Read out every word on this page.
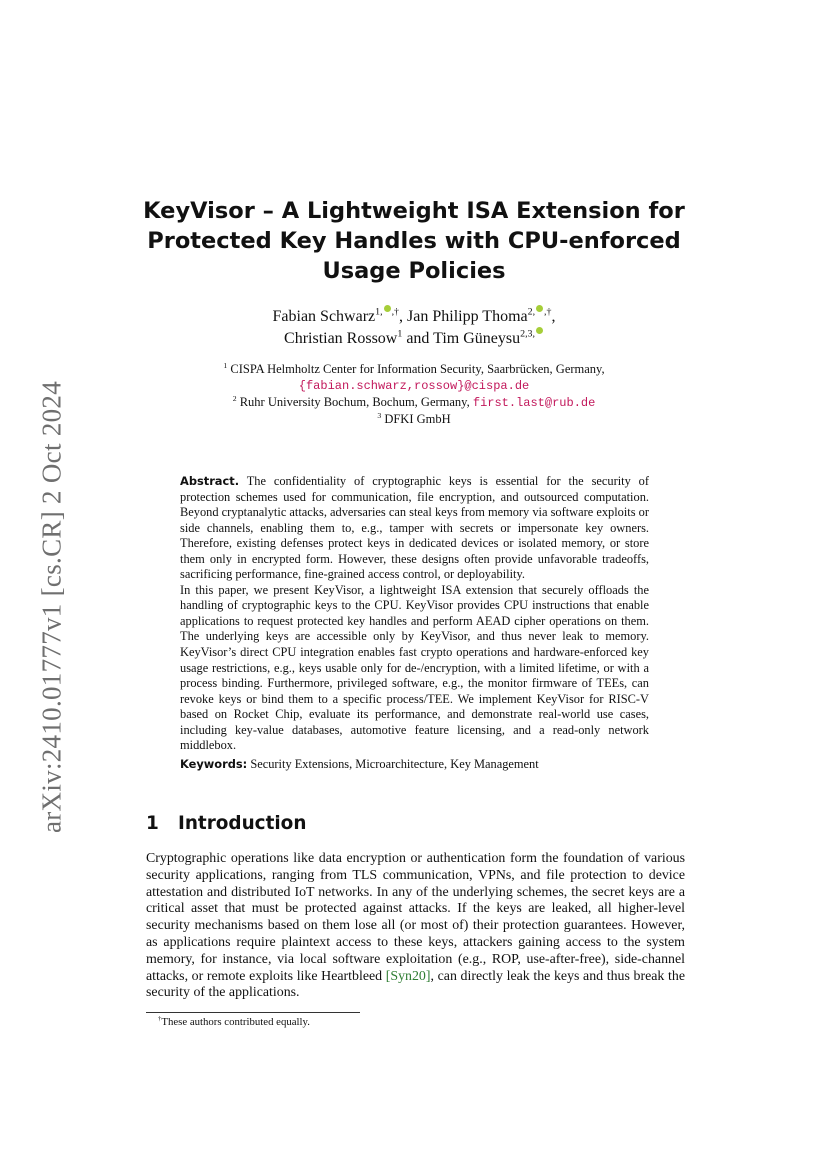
arXiv:2410.01777v1 [cs.CR] 2 Oct 2024
KeyVisor – A Lightweight ISA Extension for Protected Key Handles with CPU-enforced Usage Policies
Fabian Schwarz$^{1,}$ ,†, Jan Philipp Thoma$^{2,}$ ,†,
Christian Rossow$^1$ and Tim Güneysu$^{2,3,}$
$^1$ CISPA Helmholtz Center for Information Security, Saarbrücken, Germany,
{fabian.schwarz,rossow}@cispa.de
$^2$ Ruhr University Bochum, Bochum, Germany, first.last@rub.de
$^3$ DFKI GmbH

Abstract. The confidentiality of cryptographic keys is essential for the security of protection schemes used for communication, file encryption, and outsourced computation. Beyond cryptanalytic attacks, adversaries can steal keys from memory via software exploits or side channels, enabling them to, e.g., tamper with secrets or impersonate key owners. Therefore, existing defenses protect keys in dedicated devices or isolated memory, or store them only in encrypted form. However, these designs often provide unfavorable tradeoffs, sacrificing performance, fine-grained access control, or deployability.

In this paper, we present KeyVisor, a lightweight ISA extension that securely offloads the handling of cryptographic keys to the CPU. KeyVisor provides CPU instructions that enable applications to request protected key handles and perform AEAD cipher operations on them. The underlying keys are accessible only by KeyVisor, and thus never leak to memory. KeyVisor’s direct CPU integration enables fast crypto operations and hardware-enforced key usage restrictions, e.g., keys usable only for de-/encryption, with a limited lifetime, or with a process binding. Furthermore, privileged software, e.g., the monitor firmware of TEEs, can revoke keys or bind them to a specific process/TEE. We implement KeyVisor for RISC-V based on Rocket Chip, evaluate its performance, and demonstrate real-world use cases, including key-value databases, automotive feature licensing, and a read-only network middlebox.

Keywords: Security Extensions, Microarchitecture, Key Management

1 Introduction

Cryptographic operations like data encryption or authentication form the foundation of various security applications, ranging from TLS communication, VPNs, and file protection to device attestation and distributed IoT networks. In any of the underlying schemes, the secret keys are a critical asset that must be protected against attacks. If the keys are leaked, all higher-level security mechanisms based on them lose all (or most of) their protection guarantees. However, as applications require plaintext access to these keys, attackers gaining access to the system memory, for instance, via local software exploitation (e.g., ROP, use-after-free), side-channel attacks, or remote exploits like Heartbleed [Syn20], can directly leak the keys and thus break the security of the applications.

†These authors contributed equally.
